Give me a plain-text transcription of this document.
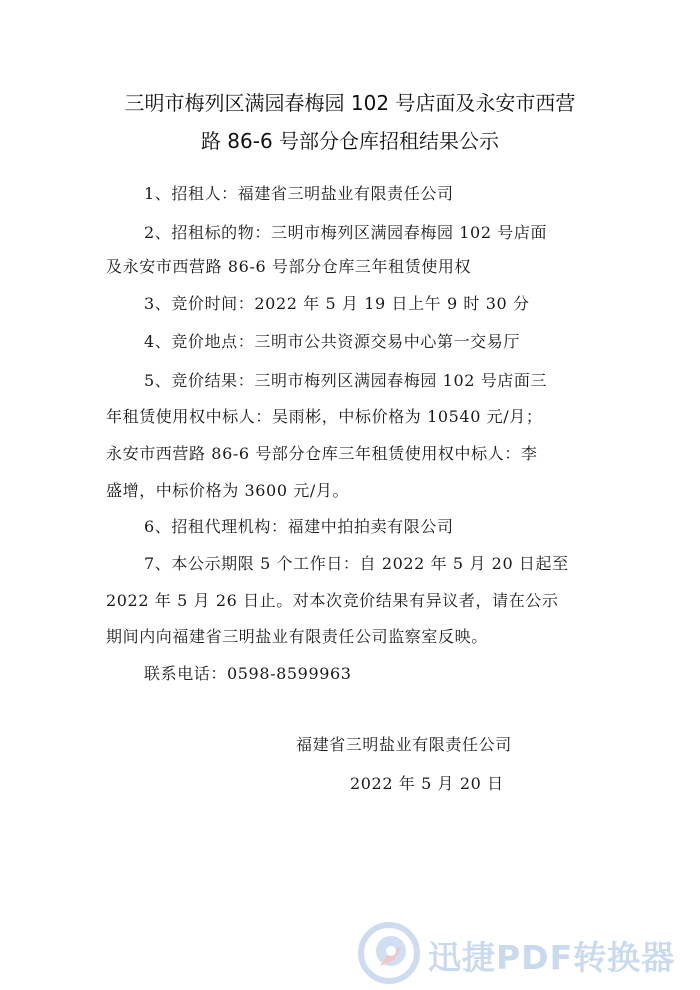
三明市梅列区满园春梅园 102 号店面及永安市西营
路 86-6 号部分仓库招租结果公示
1、招租人：福建省三明盐业有限责任公司
2、招租标的物：三明市梅列区满园春梅园 102 号店面
及永安市西营路 86-6 号部分仓库三年租赁使用权
3、竞价时间：2022 年 5 月 19 日上午 9 时 30 分
4、竞价地点：三明市公共资源交易中心第一交易厅
5、竞价结果：三明市梅列区满园春梅园 102 号店面三
年租赁使用权中标人：吴雨彬，中标价格为 10540 元/月；
永安市西营路 86-6 号部分仓库三年租赁使用权中标人：李
盛增，中标价格为 3600 元/月。
6、招租代理机构：福建中拍拍卖有限公司
7、本公示期限 5 个工作日：自 2022 年 5 月 20 日起至
2022 年 5 月 26 日止。对本次竞价结果有异议者，请在公示
期间内向福建省三明盐业有限责任公司监察室反映。
联系电话：0598-8599963
福建省三明盐业有限责任公司
2022 年 5 月 20 日
迅捷PDF转换器
